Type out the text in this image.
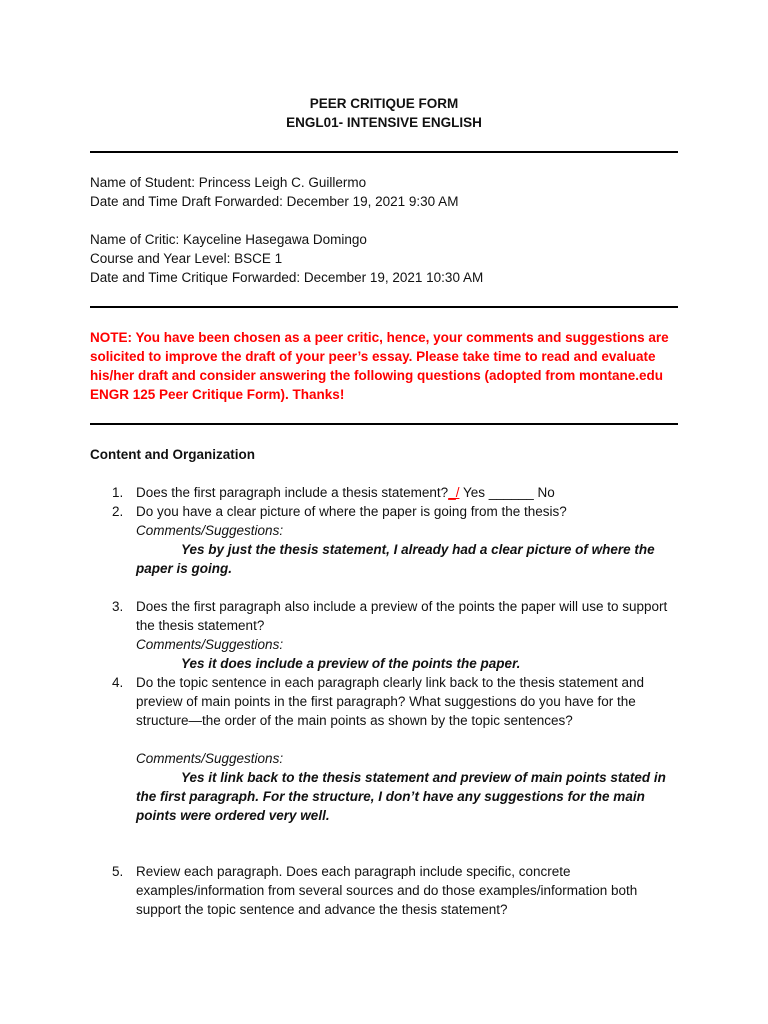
PEER CRITIQUE FORM
ENGL01- INTENSIVE ENGLISH
Name of Student: Princess Leigh C. Guillermo
Date and Time Draft Forwarded: December 19, 2021 9:30 AM
Name of Critic: Kayceline Hasegawa Domingo
Course and Year Level: BSCE 1
Date and Time Critique Forwarded: December 19, 2021 10:30 AM
NOTE: You have been chosen as a peer critic, hence, your comments and suggestions are solicited to improve the draft of your peer’s essay. Please take time to read and evaluate his/her draft and consider answering the following questions (adopted from montane.edu ENGR 125 Peer Critique Form). Thanks!
Content and Organization
1. Does the first paragraph include a thesis statement?_/ Yes ______ No
2. Do you have a clear picture of where the paper is going from the thesis?
Comments/Suggestions:
Yes by just the thesis statement, I already had a clear picture of where the paper is going.
3. Does the first paragraph also include a preview of the points the paper will use to support the thesis statement?
Comments/Suggestions:
Yes it does include a preview of the points the paper.
4. Do the topic sentence in each paragraph clearly link back to the thesis statement and preview of main points in the first paragraph? What suggestions do you have for the structure—the order of the main points as shown by the topic sentences?
Comments/Suggestions:
Yes it link back to the thesis statement and preview of main points stated in the first paragraph. For the structure, I don’t have any suggestions for the main points were ordered very well.
5. Review each paragraph. Does each paragraph include specific, concrete examples/information from several sources and do those examples/information both support the topic sentence and advance the thesis statement?
